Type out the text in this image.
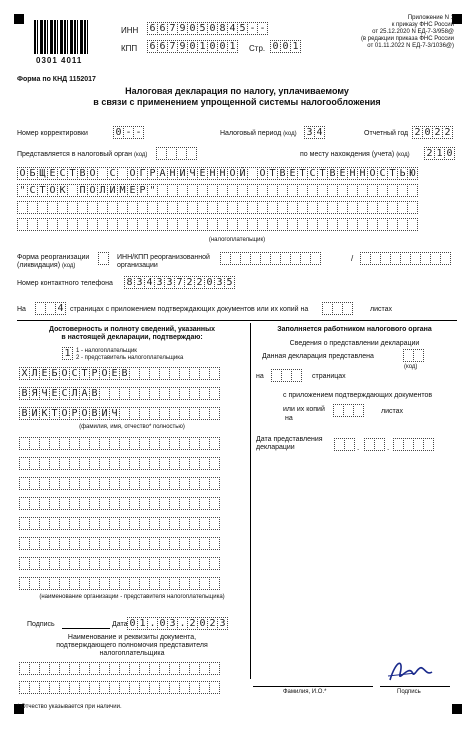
0301 4011
ИНН 6 6 7 9 0 5 0 8 4 5 - -
КПП 6 6 7 9 0 1 0 0 1	Стр. 0 0 1
Приложение N 1
к приказу ФНС России
от 25.12.2020 N ЕД-7-3/958@
(в редакции приказа ФНС России
от 01.11.2022 N ЕД-7-3/1036@)
Форма по КНД 1152017
Налоговая декларация по налогу, уплачиваемому
в связи с применением упрощенной системы налогообложения
Номер корректировки	0 - -	Налоговый период (код) 3 4	Отчетный год 2 0 2 2
Представляется в налоговый орган (код)	по месту нахождения (учета) (код) 2 1 0
О Б Щ Е С Т В О С О Г Р А Н И Ч Е Н Н О Й О Т В Е Т С Т В Е Н Н О С Т Ь Ю
" С Т О К П О Л И М Е Р "
(налогоплательщик)
Форма реорганизации
(ликвидация) (код)
ИНН/КПП реорганизованной
организации
/
Номер контактного телефона 8 3 4 3 3 7 2 2 0 3 5
На	4 страницах с приложением подтверждающих документов или их копий на	листах
Достоверность и полноту сведений, указанных
в настоящей декларации, подтверждаю:
1 1 - налогоплательщик
2 - представитель налогоплательщика
Х Л Е Б О С Т Р О Е В
В Я Ч Е С Л А В
В И К Т О Р О В И Ч
(фамилия, имя, отчество* полностью)
(наименование организации - представителя налогоплательщика)
Подпись	Дата 0 1 . 0 3 . 2 0 2 3
Наименование и реквизиты документа,
подтверждающего полномочия представителя
налогоплательщика
* Отчество указывается при наличии.
Заполняется работником налогового органа
Сведения о представлении декларации
Данная декларация представлена
(код)
на	страницах
с приложением подтверждающих документов
или их копий
на
листах
Дата представления
декларации	.	.
Фамилия, И.О.*	Подпись
